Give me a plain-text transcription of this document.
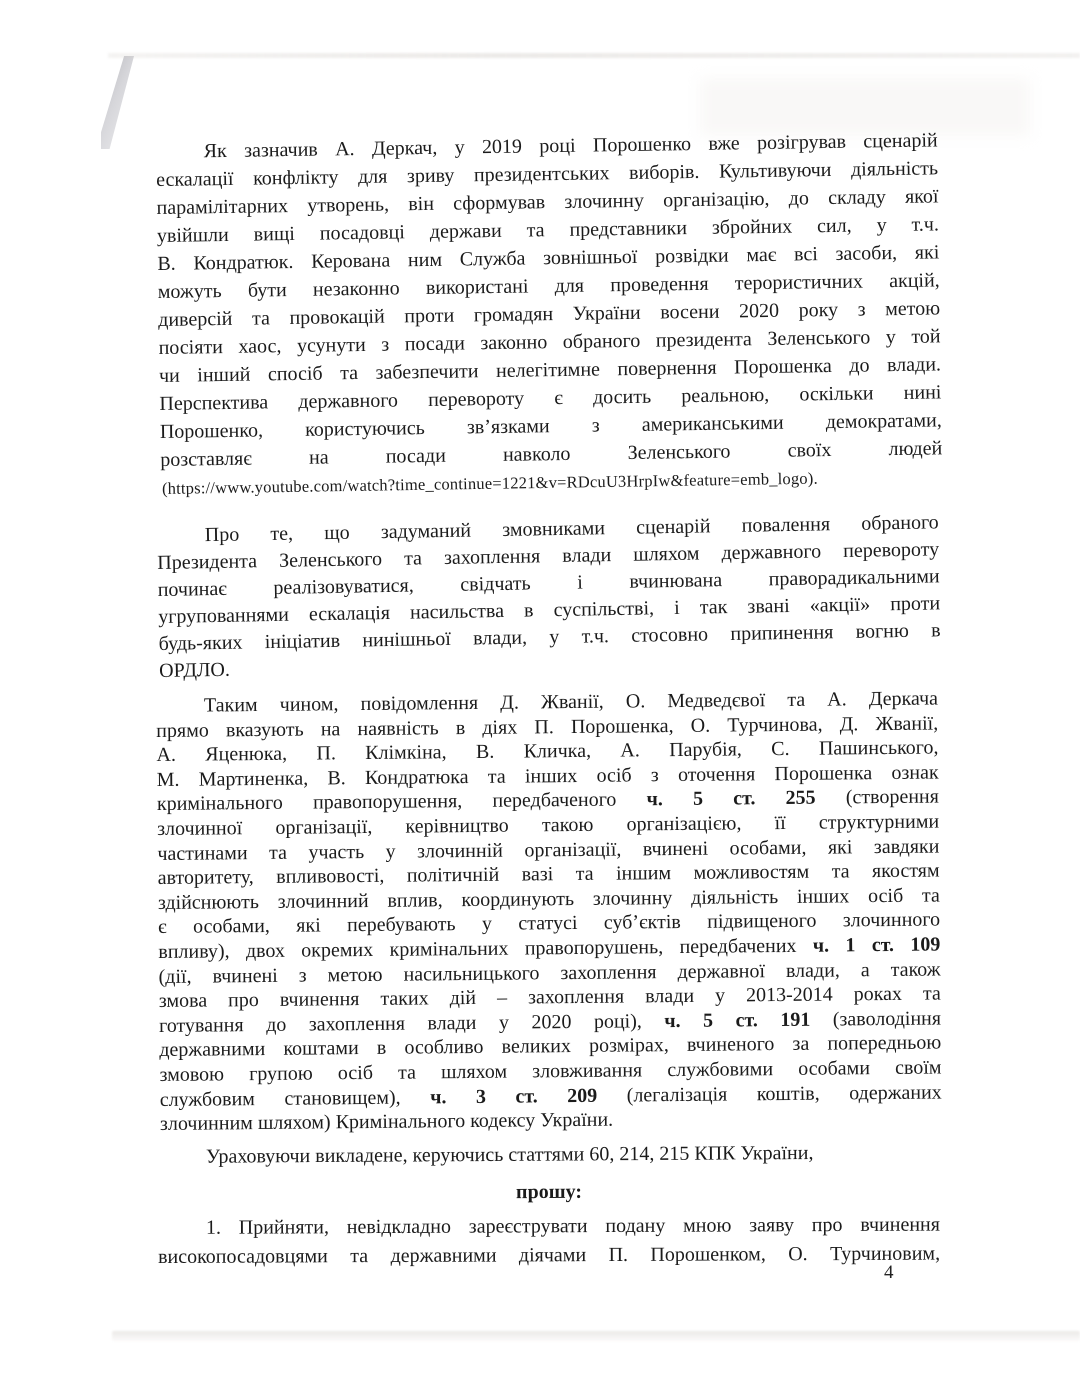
Як зазначив А. Деркач, у 2019 році Порошенко вже розігрував сценарій
ескалації конфлікту для зриву президентських виборів. Культивуючи діяльність
парамілітарних утворень, він сформував злочинну організацію, до складу якої
увійшли вищі посадовці держави та представники збройних сил, у т.ч.
В. Кондратюк. Керована ним Служба зовнішньої розвідки має всі засоби, які
можуть бути незаконно використані для проведення терористичних акцій,
диверсій та провокацій проти громадян України восени 2020 року з метою
посіяти хаос, усунути з посади законно обраного президента Зеленського у той
чи інший спосіб та забезпечити нелегітимне повернення Порошенка до влади.
Перспектива державного перевороту є досить реальною, оскільки нині
Порошенко, користуючись зв’язками з американськими демократами,
розставляє на посади навколо Зеленського своїх людей
(https://www.youtube.com/watch?time_continue=1221&v=RDcuU3HrpIw&feature=emb_logo).
Про те, що задуманий змовниками сценарій повалення обраного
Президента Зеленського та захоплення влади шляхом державного перевороту
починає реалізовуватися, свідчать і вчинювана праворадикальними
угрупованнями ескалація насильства в суспільстві, і так звані «акції» проти
будь-яких ініціатив нинішньої влади, у т.ч. стосовно припинення вогню в
ОРДЛО.
Таким чином, повідомлення Д. Жванії, О. Медведєвої та А. Деркача
прямо вказують на наявність в діях П. Порошенка, О. Турчинова, Д. Жванії,
А. Яценюка, П. Клімкіна, В. Кличка, А. Парубія, С. Пашинського,
М. Мартиненка, В. Кондратюка та інших осіб з оточення Порошенка ознак
кримінального правопорушення, передбаченого ч. 5 ст. 255 (створення
злочинної організації, керівництво такою організацією, її структурними
частинами та участь у злочинній організації, вчинені особами, які завдяки
авторитету, впливовості, політичній вазі та іншим можливостям та якостям
здійснюють злочинний вплив, координують злочинну діяльність інших осіб та
є особами, які перебувають у статусі суб’єктів підвищеного злочинного
впливу), двох окремих кримінальних правопорушень, передбачених ч. 1 ст. 109
(дії, вчинені з метою насильницького захоплення державної влади, а також
змова про вчинення таких дій – захоплення влади у 2013-2014 роках та
готування до захоплення влади у 2020 році), ч. 5 ст. 191 (заволодіння
державними коштами в особливо великих розмірах, вчиненого за попередньою
змовою групою осіб та шляхом зловживання службовими особами своїм
службовим становищем), ч. 3 ст. 209 (легалізація коштів, одержаних
злочинним шляхом) Кримінального кодексу України.
Ураховуючи викладене, керуючись статтями 60, 214, 215 КПК України,
прошу:
1. Прийняти, невідкладно зареєструвати подану мною заяву про вчинення
високопосадовцями та державними діячами П. Порошенком, О. Турчиновим,
4
